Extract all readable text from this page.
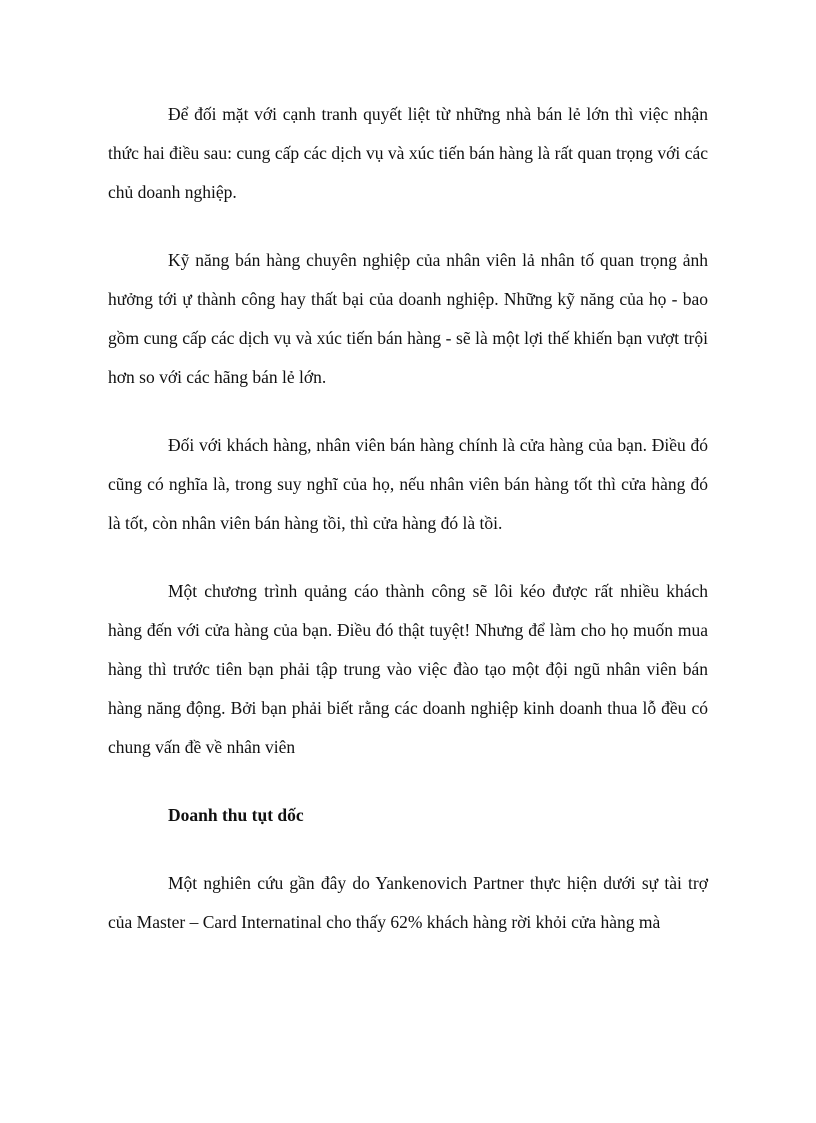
Để đối mặt với cạnh tranh quyết liệt từ những nhà bán lẻ lớn thì việc nhận thức hai điều sau: cung cấp các dịch vụ và xúc tiến bán hàng là rất quan trọng với các chủ doanh nghiệp.

Kỹ năng bán hàng chuyên nghiệp của nhân viên lả nhân tố quan trọng ảnh hưởng tới ự thành công hay thất bại của doanh nghiệp. Những kỹ năng của họ - bao gồm cung cấp các dịch vụ và xúc tiến bán hàng - sẽ là một lợi thế khiến bạn vượt trội hơn so với các hãng bán lẻ lớn.

Đối với khách hàng, nhân viên bán hàng chính là cửa hàng của bạn. Điều đó cũng có nghĩa là, trong suy nghĩ của họ, nếu nhân viên bán hàng tốt thì cửa hàng đó là tốt, còn nhân viên bán hàng tồi, thì cửa hàng đó là tồi.

Một chương trình quảng cáo thành công sẽ lôi kéo được rất nhiều khách hàng đến với cửa hàng của bạn. Điều đó thật tuyệt! Nhưng để làm cho họ muốn mua hàng thì trước tiên bạn phải tập trung vào việc đào tạo một đội ngũ nhân viên bán hàng năng động. Bởi bạn phải biết rằng các doanh nghiệp kinh doanh thua lỗ đều có chung vấn đề về nhân viên

Doanh thu tụt dốc

Một nghiên cứu gần đây do Yankenovich Partner thực hiện dưới sự tài trợ của Master – Card Internatinal cho thấy 62% khách hàng rời khỏi cửa hàng mà
